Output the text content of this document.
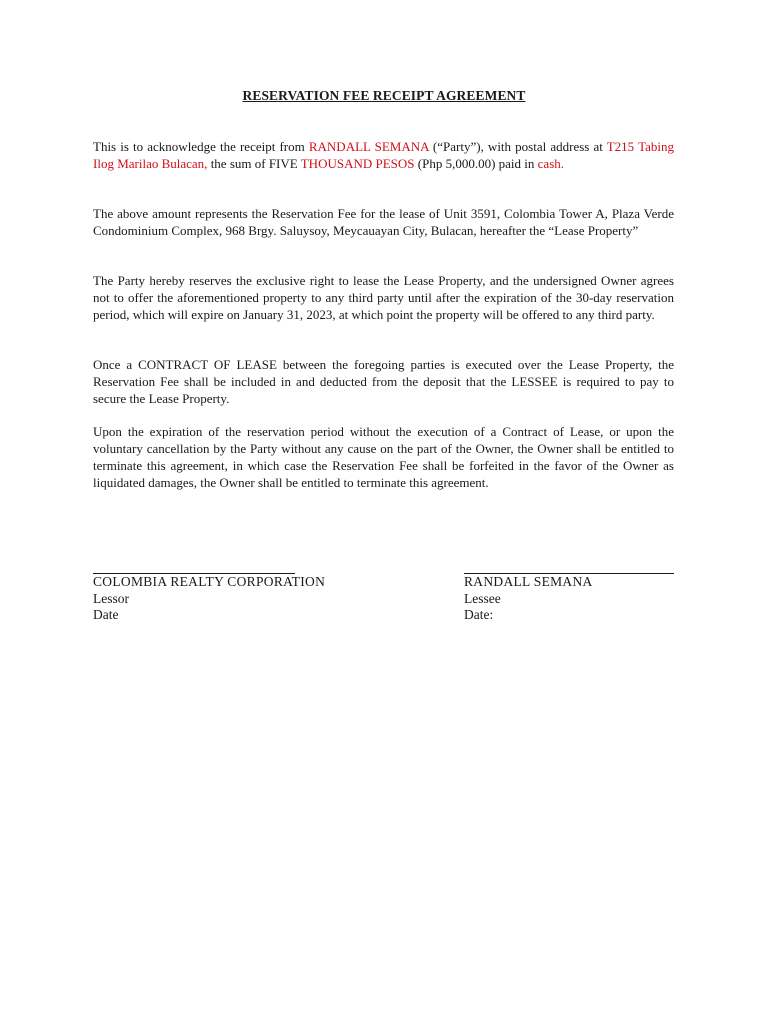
RESERVATION FEE RECEIPT AGREEMENT

This is to acknowledge the receipt from RANDALL SEMANA (“Party”), with postal address at T215 Tabing Ilog Marilao Bulacan, the sum of FIVE THOUSAND PESOS (Php 5,000.00) paid in cash.

The above amount represents the Reservation Fee for the lease of Unit 3591, Colombia Tower A, Plaza Verde Condominium Complex, 968 Brgy. Saluysoy, Meycauayan City, Bulacan, hereafter the “Lease Property”

The Party hereby reserves the exclusive right to lease the Lease Property, and the undersigned Owner agrees not to offer the aforementioned property to any third party until after the expiration of the 30-day reservation period, which will expire on January 31, 2023, at which point the property will be offered to any third party.

Once a CONTRACT OF LEASE between the foregoing parties is executed over the Lease Property, the Reservation Fee shall be included in and deducted from the deposit that the LESSEE is required to pay to secure the Lease Property.

Upon the expiration of the reservation period without the execution of a Contract of Lease, or upon the voluntary cancellation by the Party without any cause on the part of the Owner, the Owner shall be entitled to terminate this agreement, in which case the Reservation Fee shall be forfeited in the favor of the Owner as liquidated damages, the Owner shall be entitled to terminate this agreement.

COLOMBIA REALTY CORPORATION
Lessor
Date
RANDALL SEMANA
Lessee
Date:
